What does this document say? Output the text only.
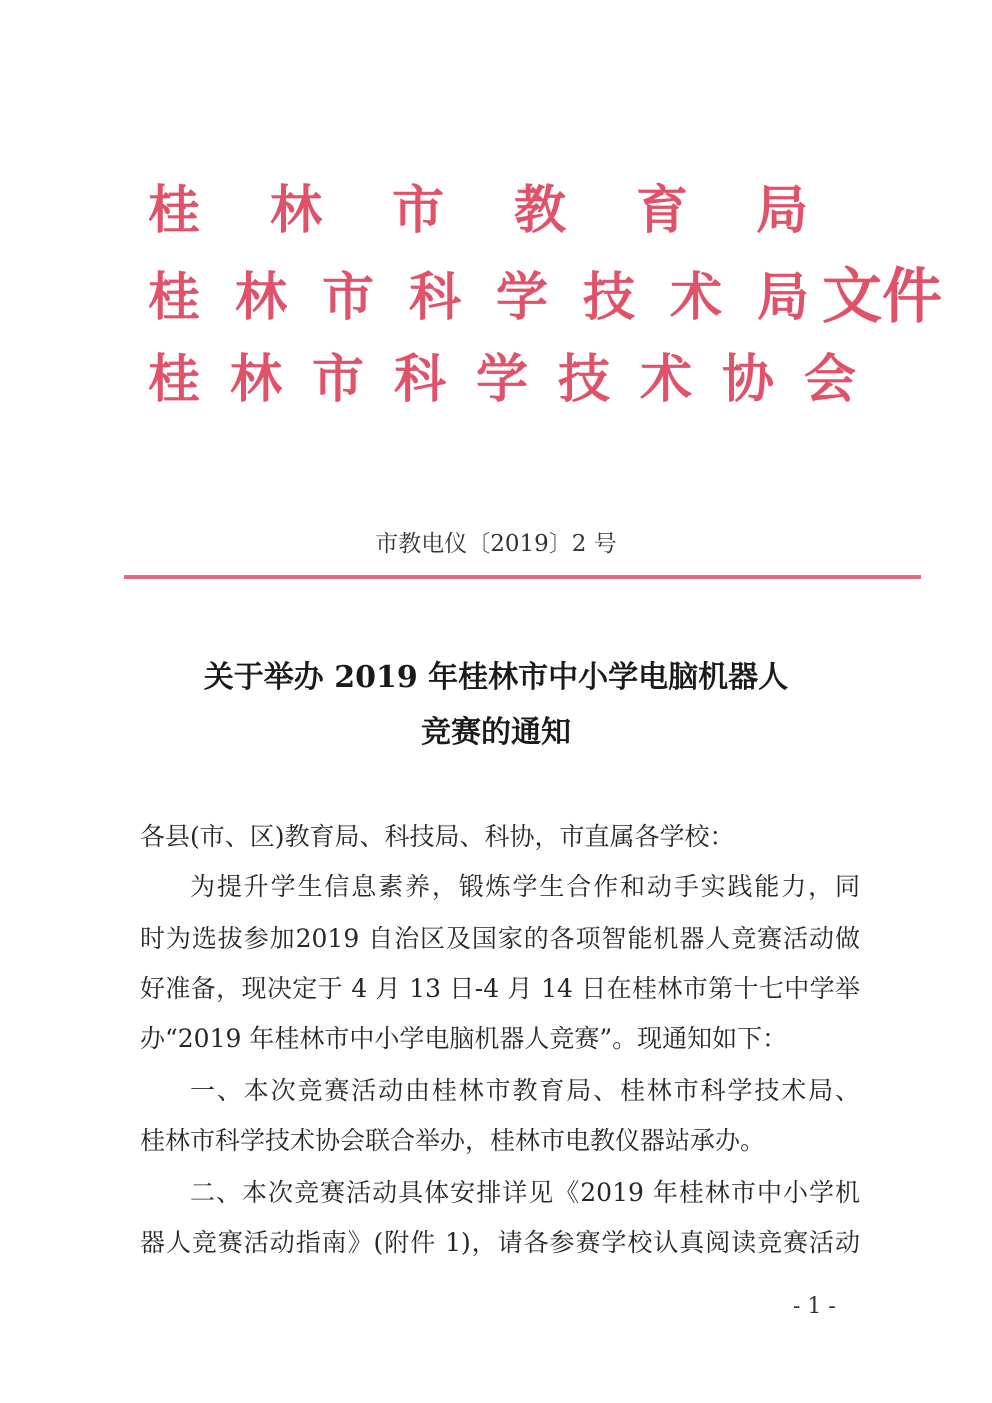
桂 林 市 教 育 局
桂 林 市 科 学 技 术 局 文件
桂 林 市 科 学 技 术 协 会
市教电仪〔2019〕2 号
关于举办 2019 年桂林市中小学电脑机器人
竞赛的通知
各县(市、区)教育局、科技局、科协，市直属各学校：
为提升学生信息素养，锻炼学生合作和动手实践能力，同
时为选拔参加2019 自治区及国家的各项智能机器人竞赛活动做
好准备，现决定于 4 月 13 日-4 月 14 日在桂林市第十七中学举
办“2019 年桂林市中小学电脑机器人竞赛”。现通知如下：
一、本次竞赛活动由桂林市教育局、桂林市科学技术局、
桂林市科学技术协会联合举办，桂林市电教仪器站承办。
二、本次竞赛活动具体安排详见《2019 年桂林市中小学机
器人竞赛活动指南》(附件 1)，请各参赛学校认真阅读竞赛活动
- 1 -
